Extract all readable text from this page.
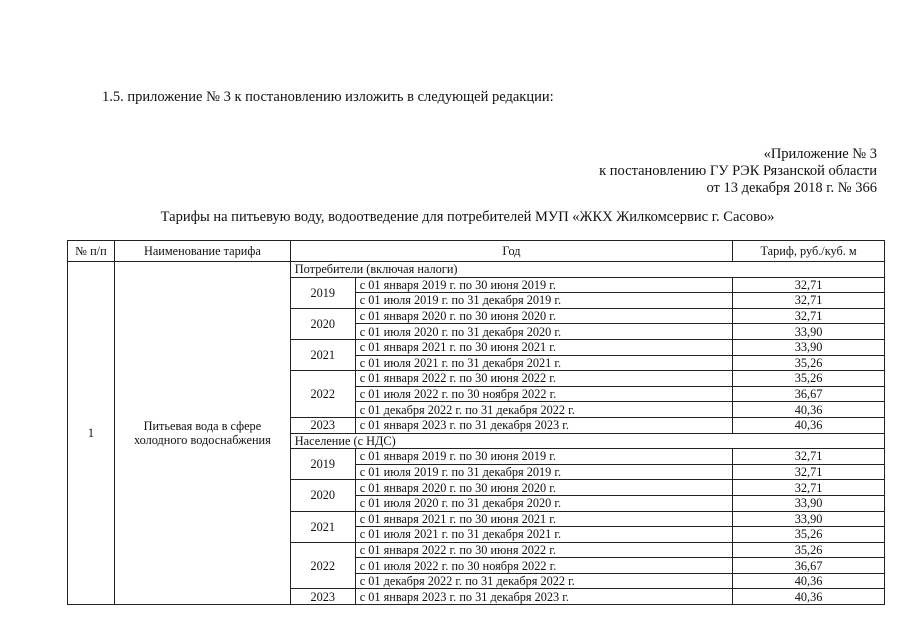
1.5. приложение № 3 к постановлению изложить в следующей редакции:
«Приложение № 3
к постановлению ГУ РЭК Рязанской области
от 13 декабря 2018 г. № 366
Тарифы на питьевую воду, водоотведение для потребителей МУП «ЖКХ Жилкомсервис г. Сасово»
№ п/п	Наименование тарифа	Год		Тариф, руб./куб. м
1	Питьевая вода в сфере холодного водоснабжения	Потребители (включая налоги)		
		2019	с 01 января 2019 г. по 30 июня 2019 г.	32,71
			с 01 июля 2019 г. по 31 декабря 2019 г.	32,71
		2020	с 01 января 2020 г. по 30 июня 2020 г.	32,71
			с 01 июля 2020 г. по 31 декабря 2020 г.	33,90
		2021	с 01 января 2021 г. по 30 июня 2021 г.	33,90
			с 01 июля 2021 г. по 31 декабря 2021 г.	35,26
		2022	с 01 января 2022 г. по 30 июня 2022 г.	35,26
			с 01 июля 2022 г. по 30 ноября 2022 г.	36,67
			с 01 декабря 2022 г. по 31 декабря 2022 г.	40,36
		2023	с 01 января 2023 г. по 31 декабря 2023 г.	40,36
		Население (с НДС)		
		2019	с 01 января 2019 г. по 30 июня 2019 г.	32,71
			с 01 июля 2019 г. по 31 декабря 2019 г.	32,71
		2020	с 01 января 2020 г. по 30 июня 2020 г.	32,71
			с 01 июля 2020 г. по 31 декабря 2020 г.	33,90
		2021	с 01 января 2021 г. по 30 июня 2021 г.	33,90
			с 01 июля 2021 г. по 31 декабря 2021 г.	35,26
		2022	с 01 января 2022 г. по 30 июня 2022 г.	35,26
			с 01 июля 2022 г. по 30 ноября 2022 г.	36,67
			с 01 декабря 2022 г. по 31 декабря 2022 г.	40,36
		2023	с 01 января 2023 г. по 31 декабря 2023 г.	40,36
